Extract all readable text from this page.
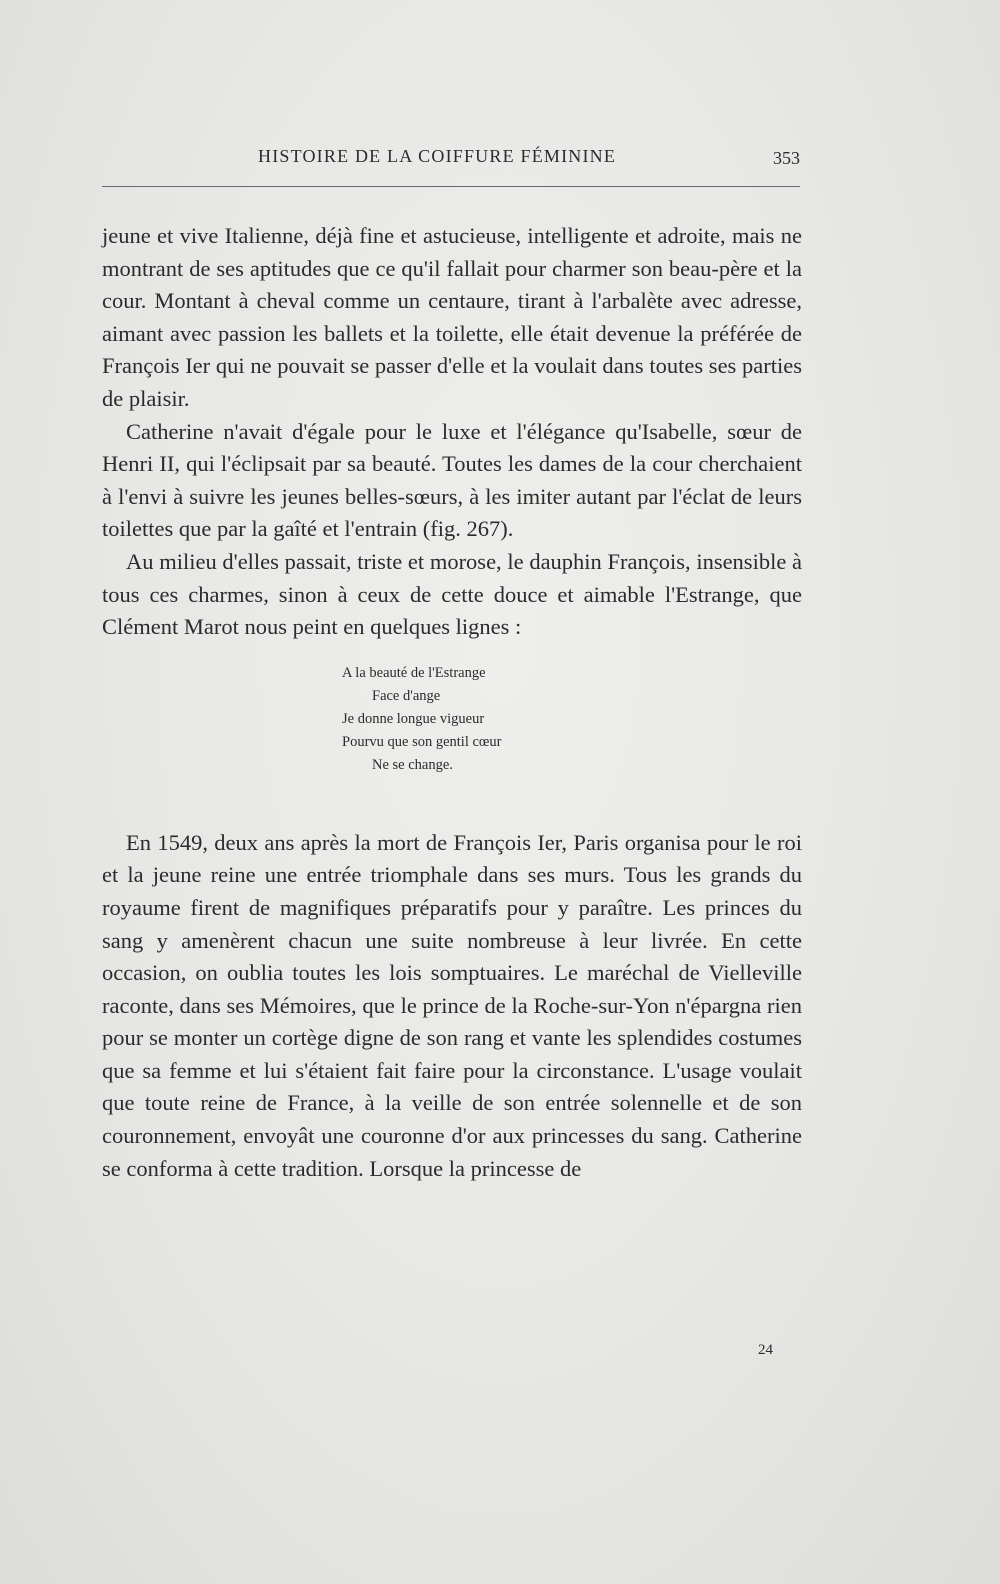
HISTOIRE DE LA COIFFURE FÉMININE	353

jeune et vive Italienne, déjà fine et astucieuse, intelligente et adroite, mais ne montrant de ses aptitudes que ce qu'il fallait pour charmer son beau-père et la cour. Montant à cheval comme un centaure, tirant à l'arbalète avec adresse, aimant avec passion les ballets et la toilette, elle était devenue la préférée de François Ier qui ne pouvait se passer d'elle et la voulait dans toutes ses parties de plaisir.

Catherine n'avait d'égale pour le luxe et l'élégance qu'Isabelle, sœur de Henri II, qui l'éclipsait par sa beauté. Toutes les dames de la cour cherchaient à l'envi à suivre les jeunes belles-sœurs, à les imiter autant par l'éclat de leurs toilettes que par la gaîté et l'entrain (fig. 267).

Au milieu d'elles passait, triste et morose, le dauphin François, insensible à tous ces charmes, sinon à ceux de cette douce et aimable l'Estrange, que Clément Marot nous peint en quelques lignes :

A la beauté de l'Estrange
Face d'ange
Je donne longue vigueur
Pourvu que son gentil cœur
Ne se change.

En 1549, deux ans après la mort de François Ier, Paris organisa pour le roi et la jeune reine une entrée triomphale dans ses murs. Tous les grands du royaume firent de magnifiques préparatifs pour y paraître. Les princes du sang y amenèrent chacun une suite nombreuse à leur livrée. En cette occasion, on oublia toutes les lois somptuaires. Le maréchal de Vielleville raconte, dans ses Mémoires, que le prince de la Roche-sur-Yon n'épargna rien pour se monter un cortège digne de son rang et vante les splendides costumes que sa femme et lui s'étaient fait faire pour la circonstance. L'usage voulait que toute reine de France, à la veille de son entrée solennelle et de son couronnement, envoyât une couronne d'or aux princesses du sang. Catherine se conforma à cette tradition. Lorsque la princesse de

24
